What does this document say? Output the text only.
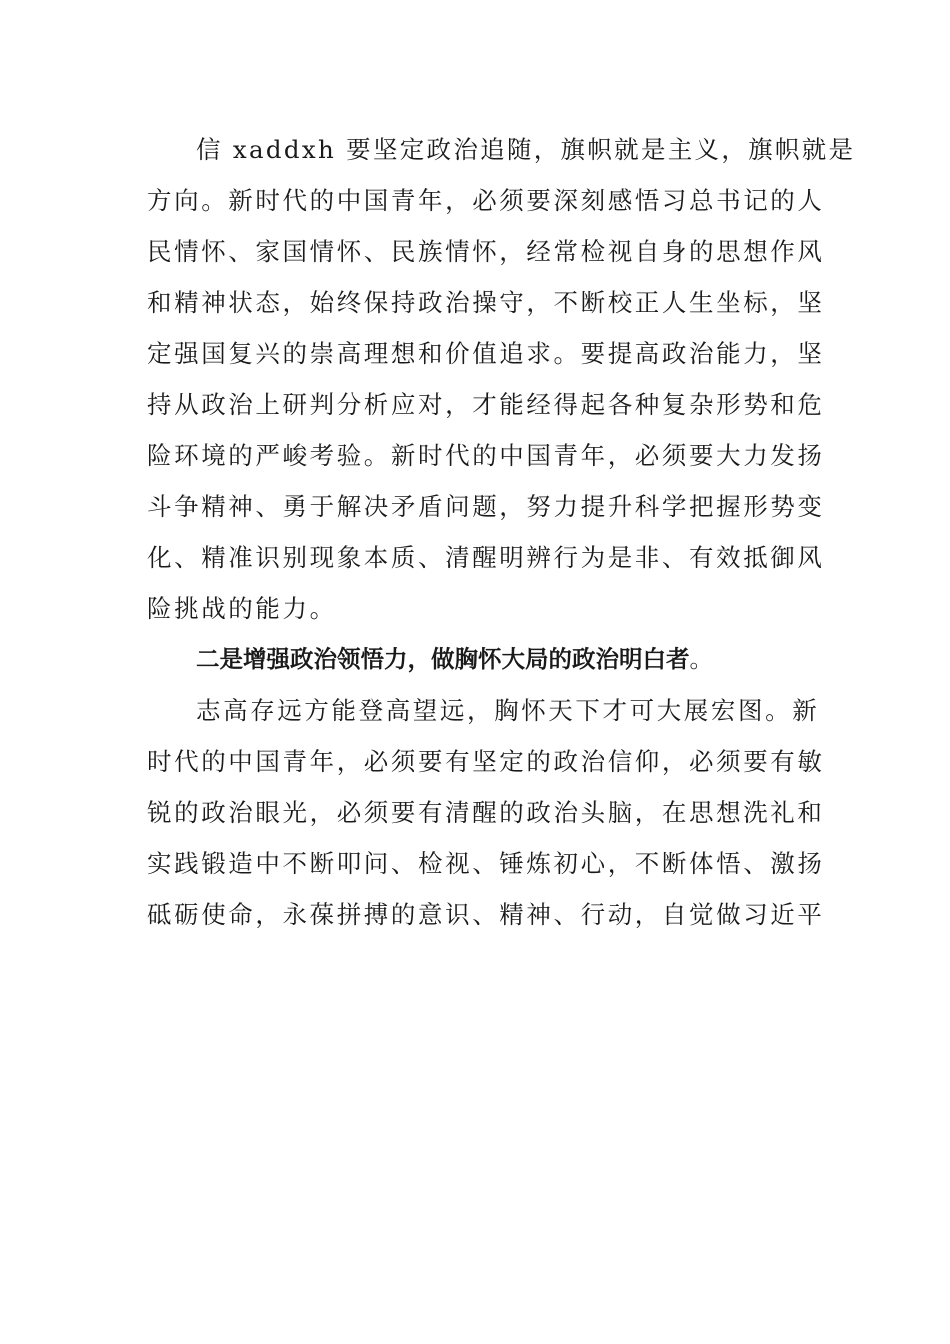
信 xaddxh 要坚定政治追随，旗帜就是主义，旗帜就是
方向。新时代的中国青年，必须要深刻感悟习总书记的人
民情怀、家国情怀、民族情怀，经常检视自身的思想作风
和精神状态，始终保持政治操守，不断校正人生坐标，坚
定强国复兴的崇高理想和价值追求。要提高政治能力，坚
持从政治上研判分析应对，才能经得起各种复杂形势和危
险环境的严峻考验。新时代的中国青年，必须要大力发扬
斗争精神、勇于解决矛盾问题，努力提升科学把握形势变
化、精准识别现象本质、清醒明辨行为是非、有效抵御风
险挑战的能力。
二是增强政治领悟力，做胸怀大局的政治明白者。
志高存远方能登高望远，胸怀天下才可大展宏图。新
时代的中国青年，必须要有坚定的政治信仰，必须要有敏
锐的政治眼光，必须要有清醒的政治头脑，在思想洗礼和
实践锻造中不断叩问、检视、锤炼初心，不断体悟、激扬
砥砺使命，永葆拼搏的意识、精神、行动，自觉做习近平
